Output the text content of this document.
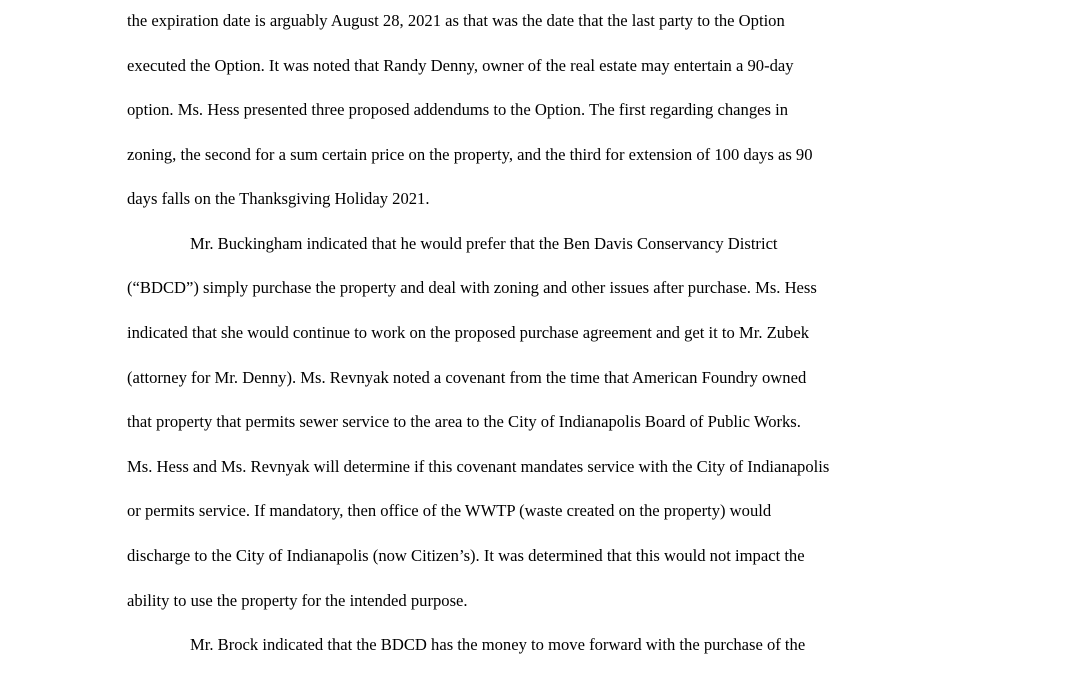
the expiration date is arguably August 28, 2021 as that was the date that the last party to the Option

executed the Option. It was noted that Randy Denny, owner of the real estate may entertain a 90-day

option. Ms. Hess presented three proposed addendums to the Option. The first regarding changes in

zoning, the second for a sum certain price on the property, and the third for extension of 100 days as 90

days falls on the Thanksgiving Holiday 2021.

Mr. Buckingham indicated that he would prefer that the Ben Davis Conservancy District

(“BDCD”) simply purchase the property and deal with zoning and other issues after purchase. Ms. Hess

indicated that she would continue to work on the proposed purchase agreement and get it to Mr. Zubek

(attorney for Mr. Denny). Ms. Revnyak noted a covenant from the time that American Foundry owned

that property that permits sewer service to the area to the City of Indianapolis Board of Public Works.

Ms. Hess and Ms. Revnyak will determine if this covenant mandates service with the City of Indianapolis

or permits service. If mandatory, then office of the WWTP (waste created on the property) would

discharge to the City of Indianapolis (now Citizen’s). It was determined that this would not impact the

ability to use the property for the intended purpose.

Mr. Brock indicated that the BDCD has the money to move forward with the purchase of the
